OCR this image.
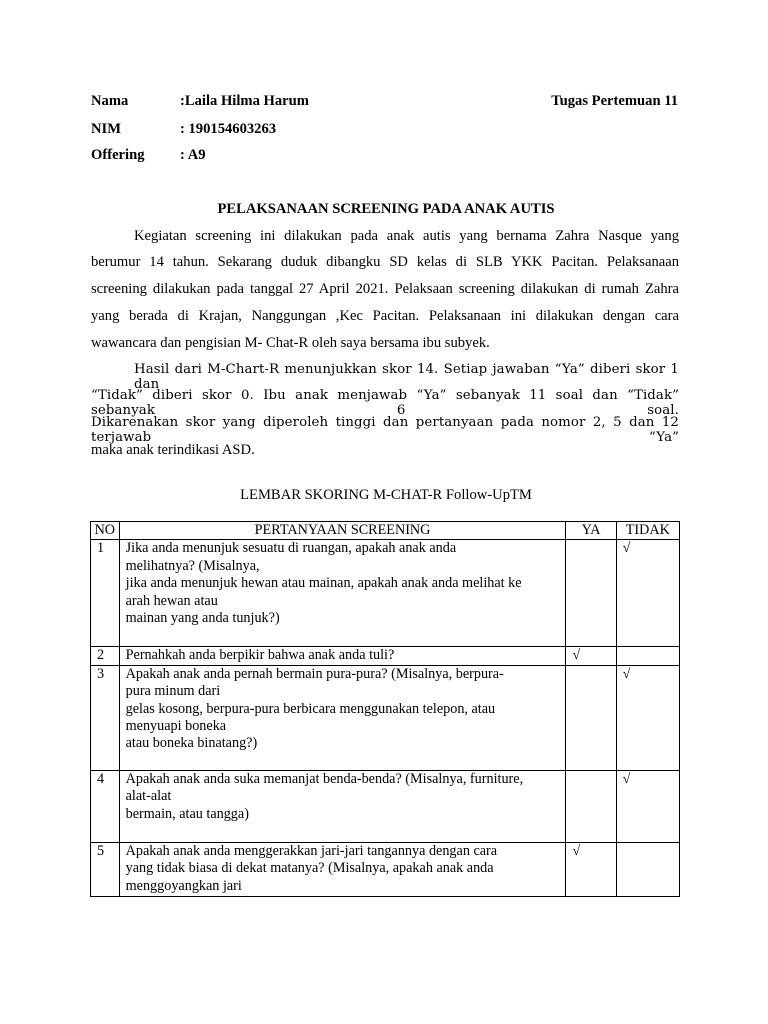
Nama	:Laila Hilma Harum	Tugas Pertemuan 11
NIM	: 190154603263
Offering : A9
PELAKSANAAN SCREENING PADA ANAK AUTIS
Kegiatan screening ini dilakukan pada anak autis yang bernama Zahra Nasque yang
berumur 14 tahun. Sekarang duduk dibangku SD kelas di SLB YKK Pacitan. Pelaksanaan
screening dilakukan pada tanggal 27 April 2021. Pelaksaan screening dilakukan di rumah Zahra
yang berada di Krajan, Nanggungan ,Kec Pacitan. Pelaksanaan ini dilakukan dengan cara
wawancara dan pengisian M- Chat-R oleh saya bersama ibu subyek.
Hasil dari M-Chart-R menunjukkan skor 14. Setiap jawaban “Ya” diberi skor 1 dan
“Tidak” diberi skor 0. Ibu anak menjawab “Ya” sebanyak 11 soal dan “Tidak” sebanyak 6 soal.
Dikarenakan skor yang diperoleh tinggi dan pertanyaan pada nomor 2, 5 dan 12 terjawab “Ya”
maka anak terindikasi ASD.
LEMBAR SKORING M-CHAT-R Follow-UpTM
NO	PERTANYAAN SCREENING	YA	TIDAK
1	Jika anda menunjuk sesuatu di ruangan, apakah anak anda
melihatnya? (Misalnya,
jika anda menunjuk hewan atau mainan, apakah anak anda melihat ke
arah hewan atau
mainan yang anda tunjuk?)		√
2	Pernahkah anda berpikir bahwa anak anda tuli?	√	
3	Apakah anak anda pernah bermain pura-pura? (Misalnya, berpura-
pura minum dari
gelas kosong, berpura-pura berbicara menggunakan telepon, atau
menyuapi boneka
atau boneka binatang?)		√
4	Apakah anak anda suka memanjat benda-benda? (Misalnya, furniture,
alat-alat
bermain, atau tangga)		√
5	Apakah anak anda menggerakkan jari-jari tangannya dengan cara
yang tidak biasa di dekat matanya? (Misalnya, apakah anak anda
menggoyangkan jari	√	
